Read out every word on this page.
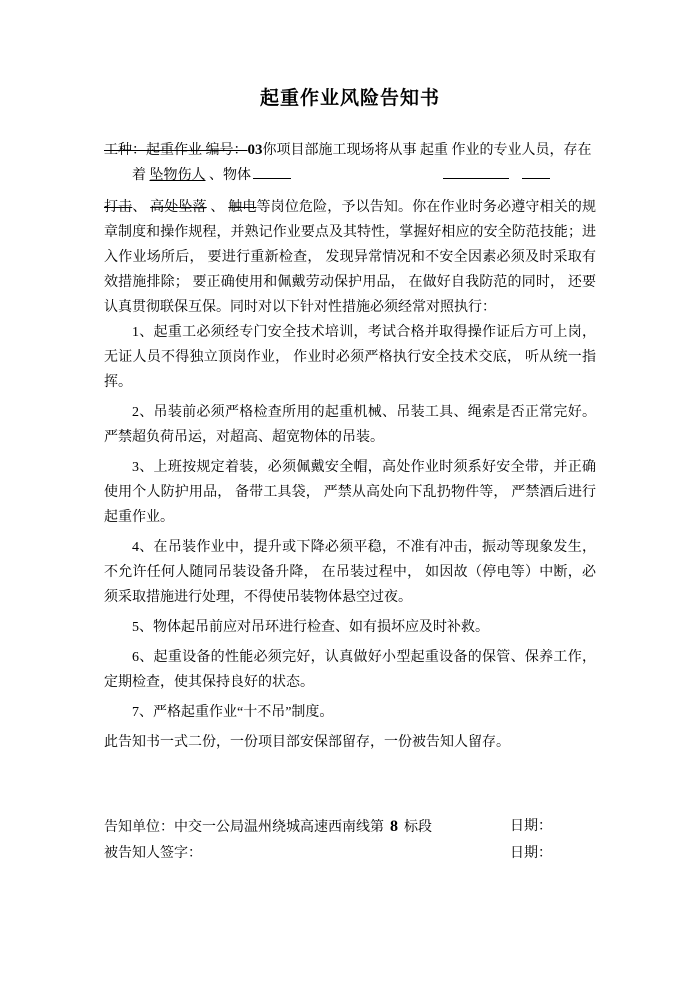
起重作业风险告知书

工种：起重作业 编号：03你项目部施工现场将从事 起重 作业的专业人员，存在

着 坠物伤人 、物体

打击、 高处坠落 、 触电等岗位危险，予以告知。你在作业时务必遵守相关的规章制度和操作规程，并熟记作业要点及其特性，掌握好相应的安全防范技能；进入作业场所后， 要进行重新检查， 发现异常情况和不安全因素必须及时采取有效措施排除； 要正确使用和佩戴劳动保护用品， 在做好自我防范的同时， 还要认真贯彻联保互保。同时对以下针对性措施必须经常对照执行：

1、起重工必须经专门安全技术培训，考试合格并取得操作证后方可上岗，无证人员不得独立顶岗作业， 作业时必须严格执行安全技术交底， 听从统一指挥。

2、吊装前必须严格检查所用的起重机械、吊装工具、绳索是否正常完好。严禁超负荷吊运，对超高、超宽物体的吊装。

3、上班按规定着装，必须佩戴安全帽，高处作业时须系好安全带，并正确使用个人防护用品， 备带工具袋， 严禁从高处向下乱扔物件等， 严禁酒后进行起重作业。

4、在吊装作业中，提升或下降必须平稳，不准有冲击，振动等现象发生，不允许任何人随同吊装设备升降， 在吊装过程中， 如因故（停电等）中断，必须采取措施进行处理，不得使吊装物体悬空过夜。

5、物体起吊前应对吊环进行检查、如有损坏应及时补救。

6、起重设备的性能必须完好，认真做好小型起重设备的保管、保养工作，定期检查，使其保持良好的状态。

7、严格起重作业“十不吊”制度。

此告知书一式二份，一份项目部安保部留存，一份被告知人留存。

告知单位：中交一公局温州绕城高速西南线第 8 标段	日期：
被告知人签字：	日期：
